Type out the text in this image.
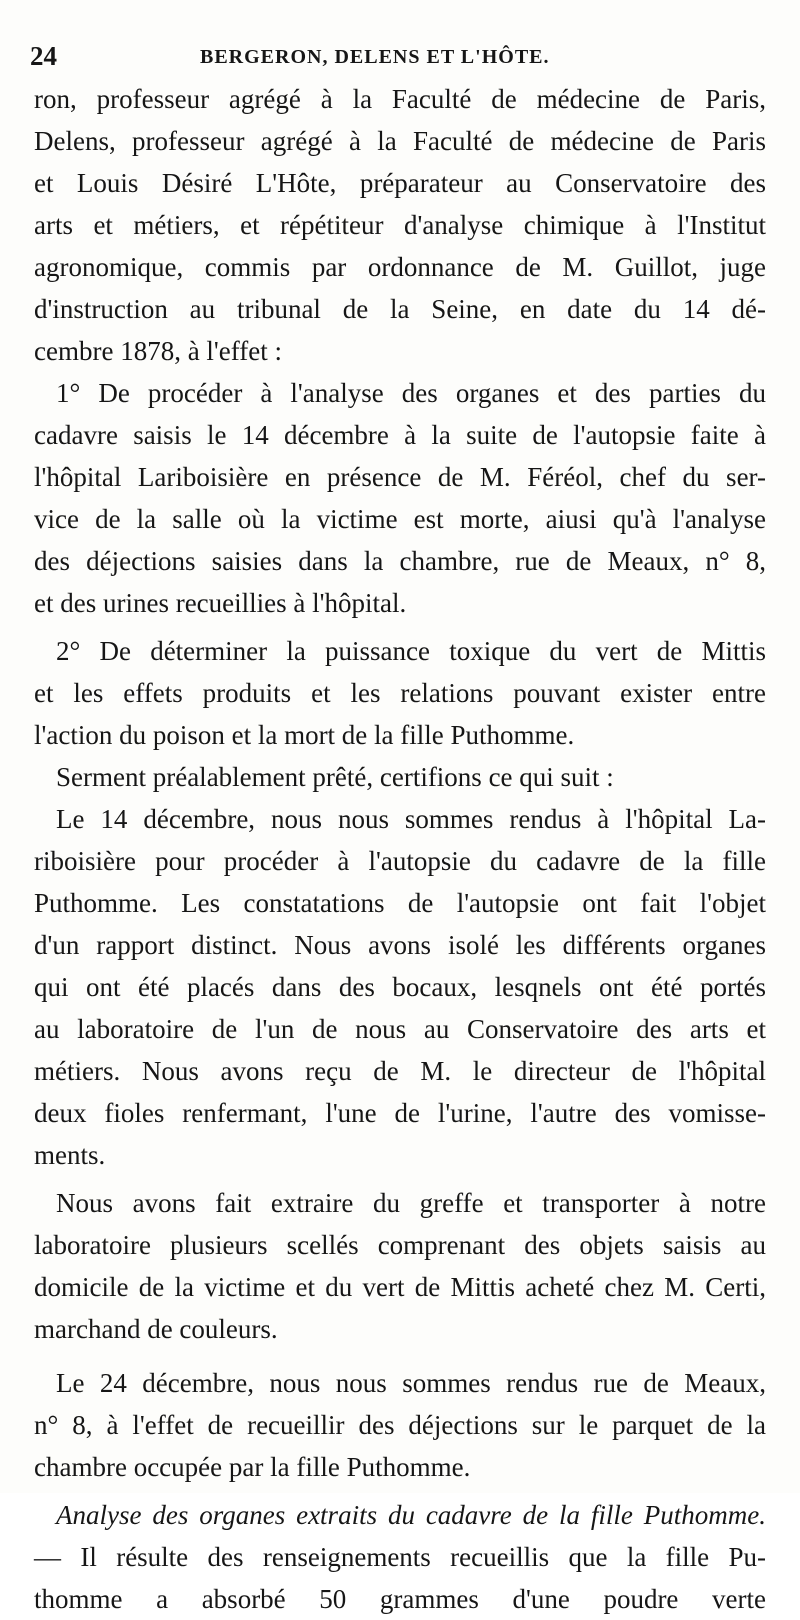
24	BERGERON, DELENS ET L'HÔTE.
ron, professeur agrégé à la Faculté de médecine de Paris,
Delens, professeur agrégé à la Faculté de médecine de Paris
et Louis Désiré L'Hôte, préparateur au Conservatoire des
arts et métiers, et répétiteur d'analyse chimique à l'Institut
agronomique, commis par ordonnance de M. Guillot, juge
d'instruction au tribunal de la Seine, en date du 14 dé-
cembre 1878, à l'effet :
1° De procéder à l'analyse des organes et des parties du
cadavre saisis le 14 décembre à la suite de l'autopsie faite à
l'hôpital Lariboisière en présence de M. Féréol, chef du ser-
vice de la salle où la victime est morte, aiusi qu'à l'analyse
des déjections saisies dans la chambre, rue de Meaux, n° 8,
et des urines recueillies à l'hôpital.
2° De déterminer la puissance toxique du vert de Mittis
et les effets produits et les relations pouvant exister entre
l'action du poison et la mort de la fille Puthomme.
Serment préalablement prêté, certifions ce qui suit :
Le 14 décembre, nous nous sommes rendus à l'hôpital La-
riboisière pour procéder à l'autopsie du cadavre de la fille
Puthomme. Les constatations de l'autopsie ont fait l'objet
d'un rapport distinct. Nous avons isolé les différents organes
qui ont été placés dans des bocaux, lesqnels ont été portés
au laboratoire de l'un de nous au Conservatoire des arts et
métiers. Nous avons reçu de M. le directeur de l'hôpital
deux fioles renfermant, l'une de l'urine, l'autre des vomisse-
ments.
Nous avons fait extraire du greffe et transporter à notre
laboratoire plusieurs scellés comprenant des objets saisis au
domicile de la victime et du vert de Mittis acheté chez M. Certi,
marchand de couleurs.
Le 24 décembre, nous nous sommes rendus rue de Meaux,
n° 8, à l'effet de recueillir des déjections sur le parquet de la
chambre occupée par la fille Puthomme.
Analyse des organes extraits du cadavre de la fille Puthomme.
— Il résulte des renseignements recueillis que la fille Pu-
thomme a absorbé 50 grammes d'une poudre verte
